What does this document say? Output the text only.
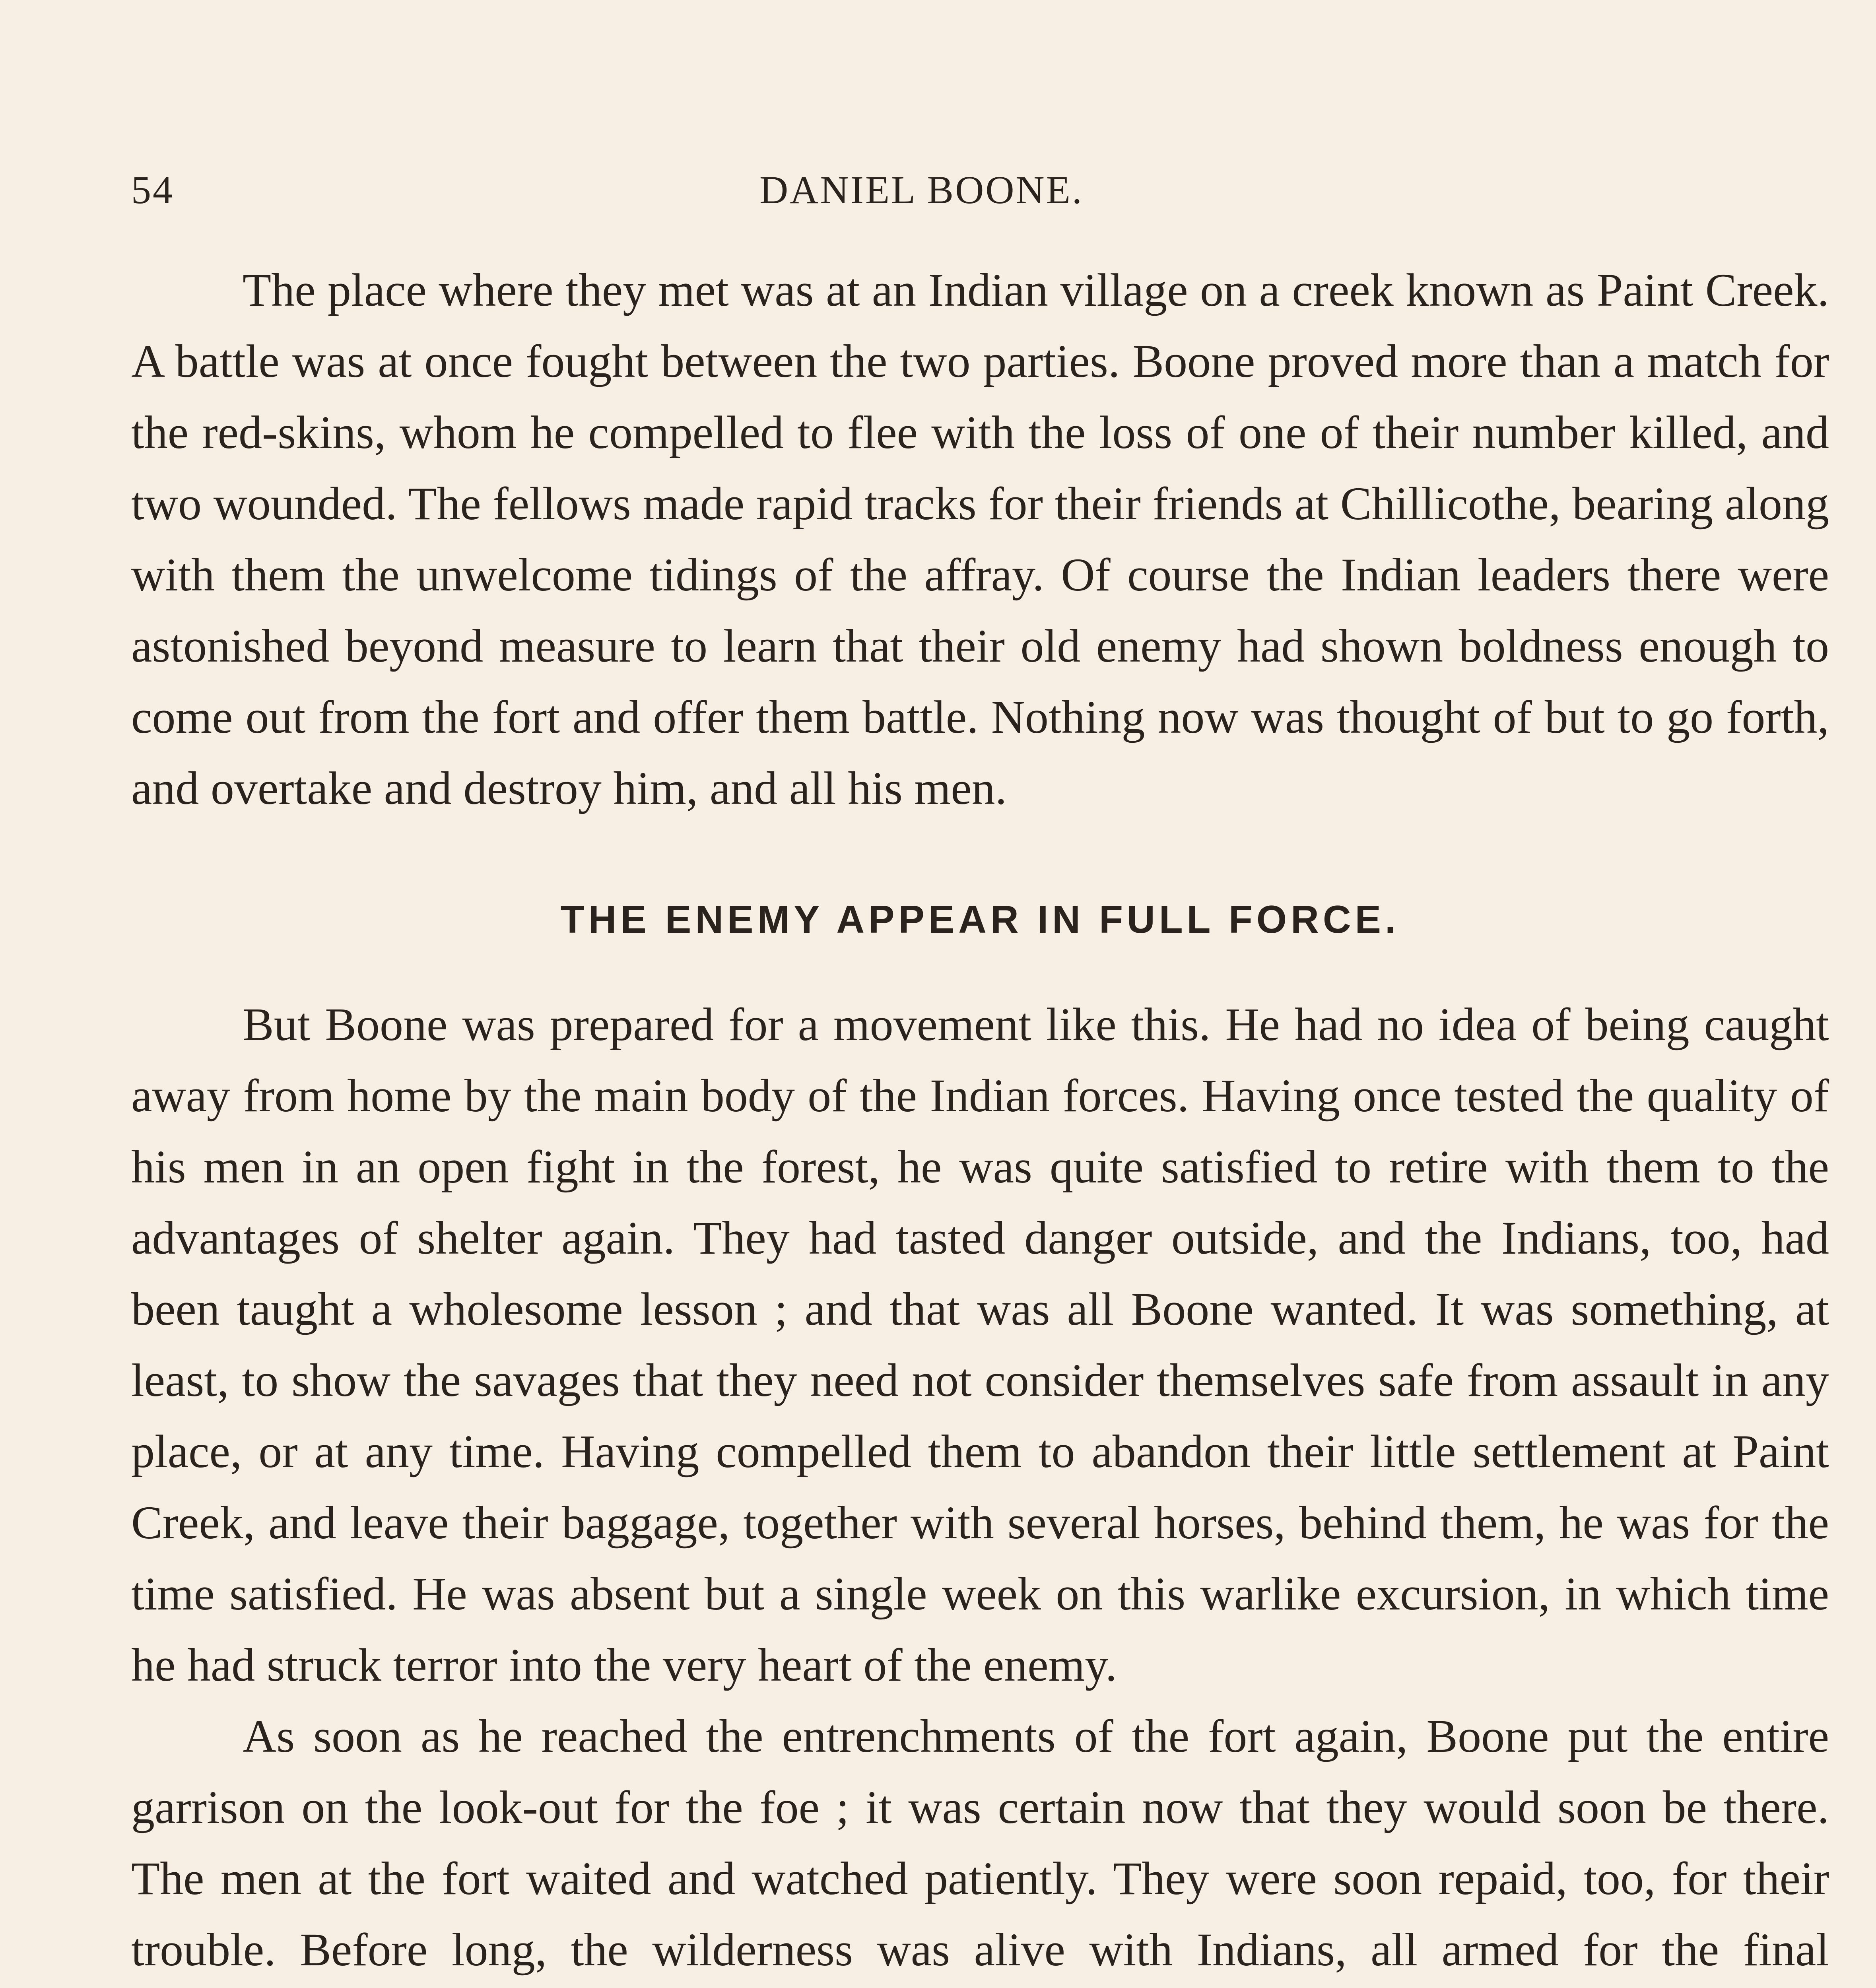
54	DANIEL BOONE.

The place where they met was at an Indian village on a creek known as Paint Creek. A battle was at once fought between the two parties. Boone proved more than a match for the red-skins, whom he compelled to flee with the loss of one of their number killed, and two wounded. The fellows made rapid tracks for their friends at Chillicothe, bearing along with them the unwelcome tidings of the affray. Of course the Indian leaders there were astonished beyond measure to learn that their old enemy had shown boldness enough to come out from the fort and offer them battle. Nothing now was thought of but to go forth, and overtake and destroy him, and all his men.

THE ENEMY APPEAR IN FULL FORCE.

But Boone was prepared for a movement like this. He had no idea of being caught away from home by the main body of the Indian forces. Having once tested the quality of his men in an open fight in the forest, he was quite satisfied to retire with them to the advantages of shelter again. They had tasted danger outside, and the Indians, too, had been taught a wholesome lesson ; and that was all Boone wanted. It was something, at least, to show the savages that they need not consider themselves safe from assault in any place, or at any time. Having compelled them to abandon their little settlement at Paint Creek, and leave their baggage, together with several horses, behind them, he was for the time satisfied. He was absent but a single week on this warlike excursion, in which time he had struck terror into the very heart of the enemy.

As soon as he reached the entrenchments of the fort again, Boone put the entire garrison on the look-out for the foe ; it was certain now that they would soon be there. The men at the fort waited and watched patiently. They were soon repaid, too, for their trouble. Before long, the wilderness was alive with Indians, all armed for the final
